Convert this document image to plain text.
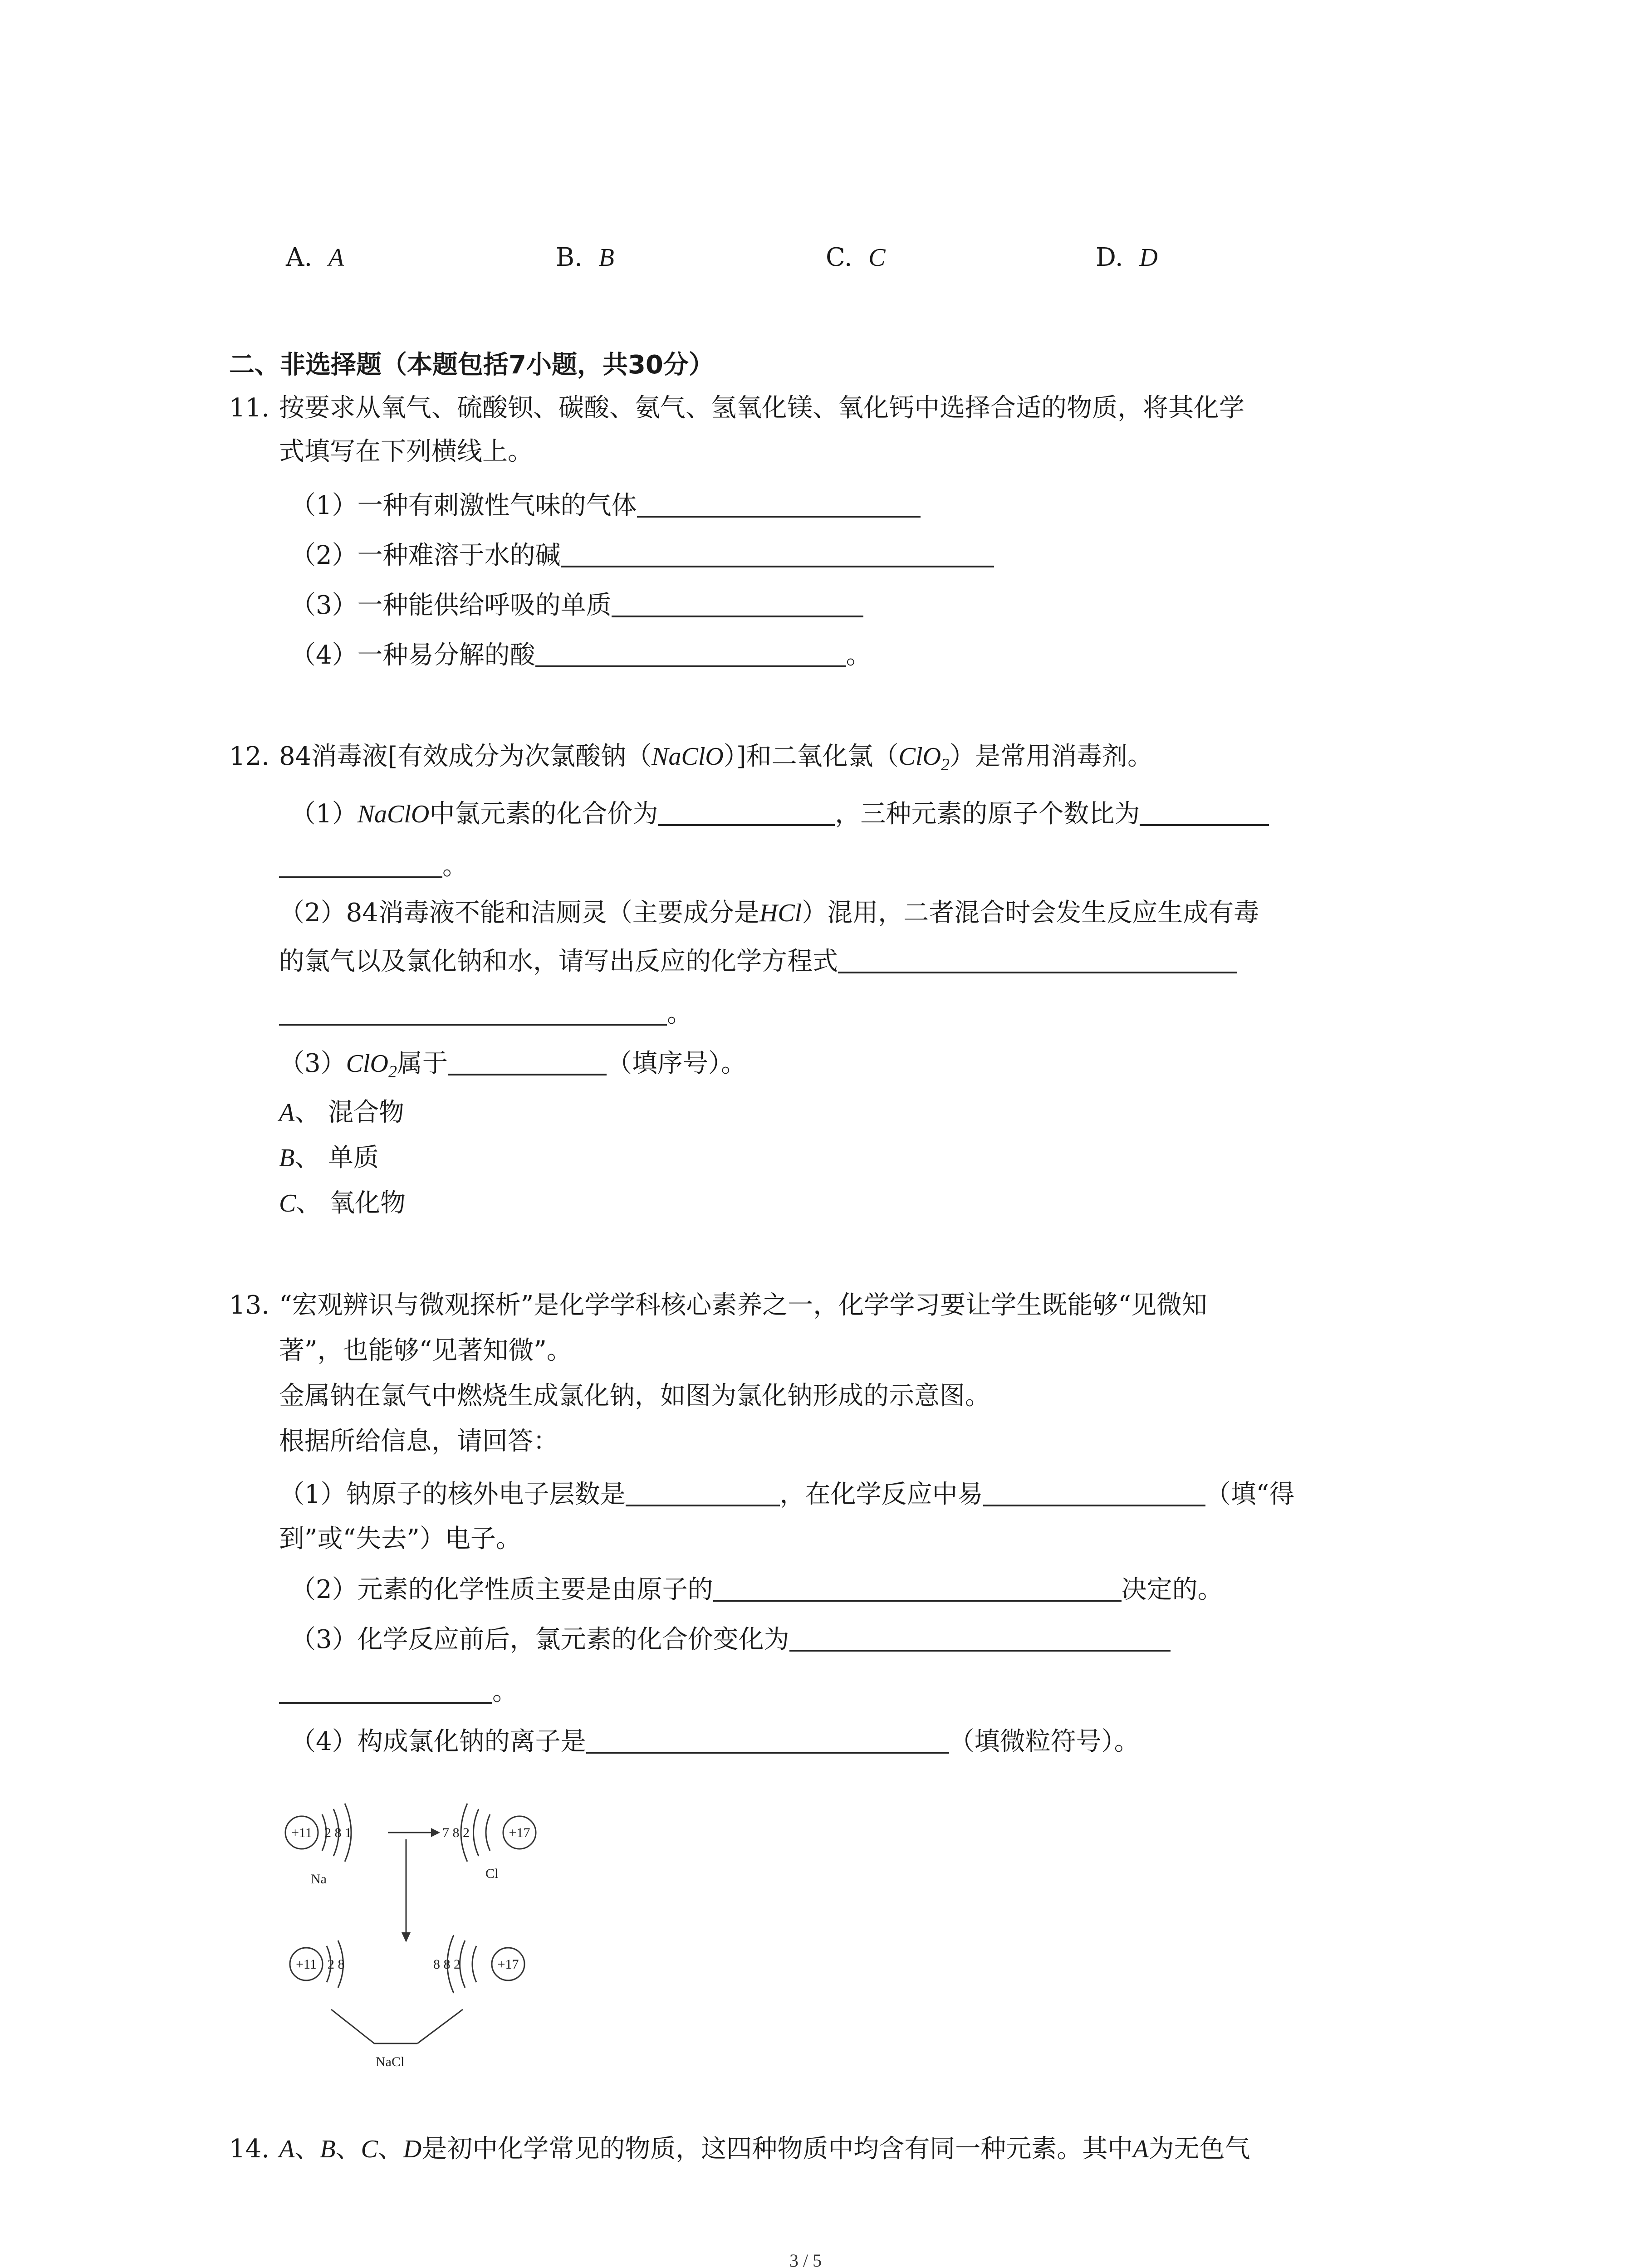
A. A	B. B	C. C	D. D
二、非选择题（本题包括7小题，共30分）
11. 按要求从氧气、硫酸钡、碳酸、氨气、氢氧化镁、氧化钙中选择合适的物质，将其化学
式填写在下列横线上。
（1）一种有刺激性气味的气体
（2）一种难溶于水的碱
（3）一种能供给呼吸的单质
（4）一种易分解的酸	。
12. 84消毒液[有效成分为次氯酸钠（NaClO）]和二氧化氯（ClO$_2$）是常用消毒剂。
（1）NaClO中氯元素的化合价为	，三种元素的原子个数比为
。
（2）84消毒液不能和洁厕灵（主要成分是HCl）混用，二者混合时会发生反应生成有毒
的氯气以及氯化钠和水，请写出反应的化学方程式
。
（3）ClO$_2$属于	（填序号）。
A、 混合物
B、 单质
C、 氧化物
13. “宏观辨识与微观探析”是化学学科核心素养之一，化学学习要让学生既能够“见微知
著”，也能够“见著知微”。
金属钠在氯气中燃烧生成氯化钠，如图为氯化钠形成的示意图。
根据所给信息，请回答：
（1）钠原子的核外电子层数是	，在化学反应中易	（填“得
到”或“失去”）电子。
（2）元素的化学性质主要是由原子的	决定的。
（3）化学反应前后，氯元素的化合价变化为
。
（4）构成氯化钠的离子是	（填微粒符号）。
+11 2 8 1
Na
7 8 2	+17
Cl
+11 2 8	8 8 2	+17
NaCl
14. A、B、C、D是初中化学常见的物质，这四种物质中均含有同一种元素。其中A为无色气
3 / 5
